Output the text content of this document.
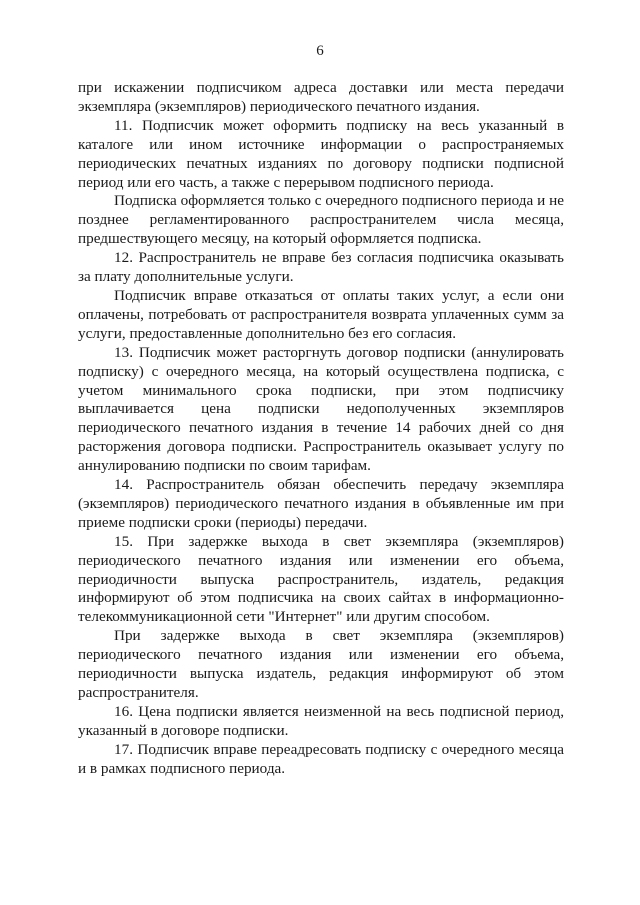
6

при искажении подписчиком адреса доставки или места передачи экземпляра (экземпляров) периодического печатного издания.

11. Подписчик может оформить подписку на весь указанный в каталоге или ином источнике информации о распространяемых периодических печатных изданиях по договору подписки подписной период или его часть, а также с перерывом подписного периода.

Подписка оформляется только с очередного подписного периода и не позднее регламентированного распространителем числа месяца, предшествующего месяцу, на который оформляется подписка.

12. Распространитель не вправе без согласия подписчика оказывать за плату дополнительные услуги.

Подписчик вправе отказаться от оплаты таких услуг, а если они оплачены, потребовать от распространителя возврата уплаченных сумм за услуги, предоставленные дополнительно без его согласия.

13. Подписчик может расторгнуть договор подписки (аннулировать подписку) с очередного месяца, на который осуществлена подписка, с учетом минимального срока подписки, при этом подписчику выплачивается цена подписки недополученных экземпляров периодического печатного издания в течение 14 рабочих дней со дня расторжения договора подписки. Распространитель оказывает услугу по аннулированию подписки по своим тарифам.

14. Распространитель обязан обеспечить передачу экземпляра (экземпляров) периодического печатного издания в объявленные им при приеме подписки сроки (периоды) передачи.

15. При задержке выхода в свет экземпляра (экземпляров) периодического печатного издания или изменении его объема, периодичности выпуска распространитель, издатель, редакция информируют об этом подписчика на своих сайтах в информационно-телекоммуникационной сети "Интернет" или другим способом.

При задержке выхода в свет экземпляра (экземпляров) периодического печатного издания или изменении его объема, периодичности выпуска издатель, редакция информируют об этом распространителя.

16. Цена подписки является неизменной на весь подписной период, указанный в договоре подписки.

17. Подписчик вправе переадресовать подписку с очередного месяца и в рамках подписного периода.
